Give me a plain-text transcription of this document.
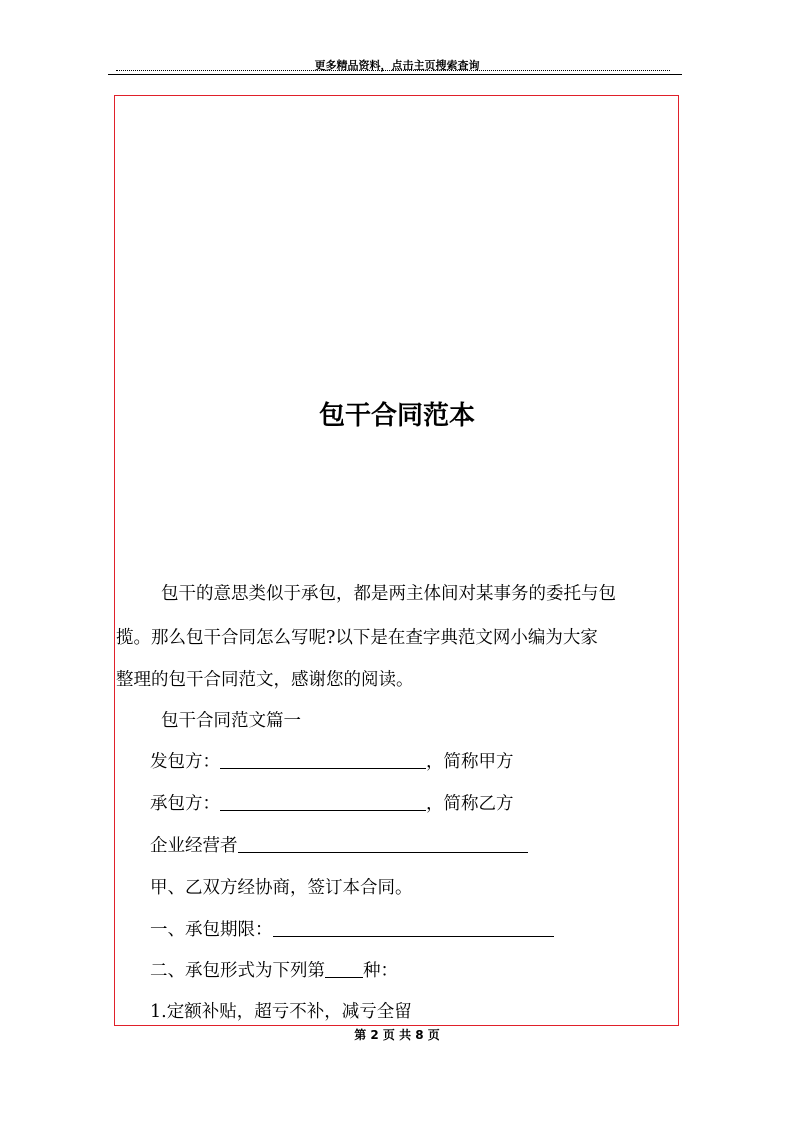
更多精品资料，点击主页搜索查询
包干合同范本
包干的意思类似于承包，都是两主体间对某事务的委托与包
揽。那么包干合同怎么写呢?以下是在查字典范文网小编为大家
整理的包干合同范文，感谢您的阅读。
包干合同范文篇一
发包方：	，简称甲方
承包方：	，简称乙方
企业经营者
甲、乙双方经协商，签订本合同。
一、承包期限：
二、承包形式为下列第 种：
1.定额补贴，超亏不补，减亏全留
第 2 页 共 8 页
